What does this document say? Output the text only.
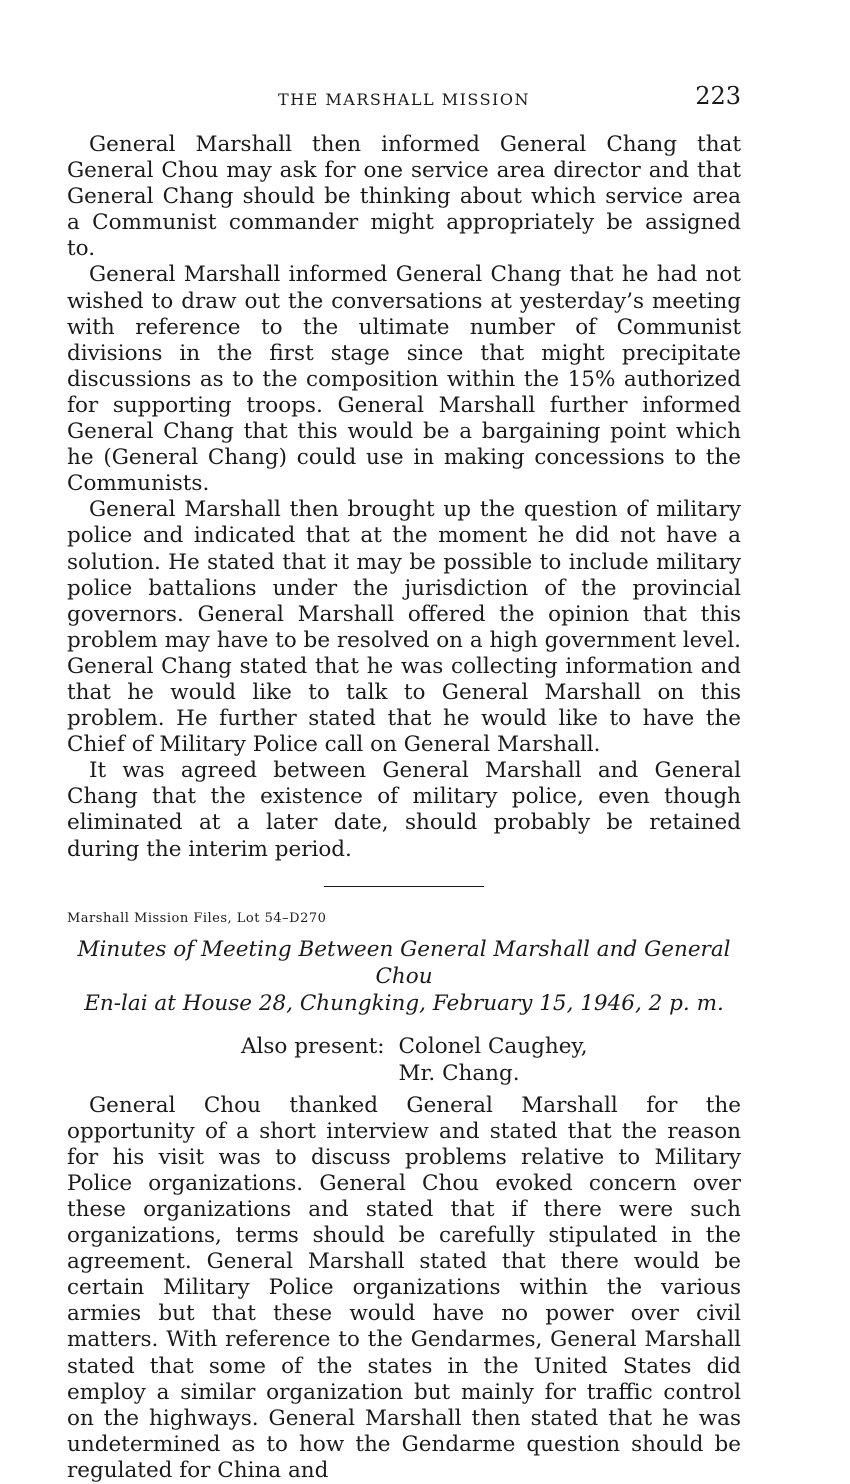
THE MARSHALL MISSION	223

General Marshall then informed General Chang that General Chou may ask for one service area director and that General Chang should be thinking about which service area a Communist commander might appropriately be assigned to.

General Marshall informed General Chang that he had not wished to draw out the conversations at yesterday’s meeting with reference to the ultimate number of Communist divisions in the first stage since that might precipitate discussions as to the composition within the 15% authorized for supporting troops. General Marshall further informed General Chang that this would be a bargaining point which he (General Chang) could use in making concessions to the Communists.

General Marshall then brought up the question of military police and indicated that at the moment he did not have a solution. He stated that it may be possible to include military police battalions under the jurisdiction of the provincial governors. General Marshall offered the opinion that this problem may have to be resolved on a high government level. General Chang stated that he was collecting information and that he would like to talk to General Marshall on this problem. He further stated that he would like to have the Chief of Military Police call on General Marshall.

It was agreed between General Marshall and General Chang that the existence of military police, even though eliminated at a later date, should probably be retained during the interim period.

Marshall Mission Files, Lot 54–D270
Minutes of Meeting Between General Marshall and General Chou
En-lai at House 28, Chungking, February 15, 1946, 2 p. m.
Also present: Colonel Caughey,
Mr. Chang.

General Chou thanked General Marshall for the opportunity of a short interview and stated that the reason for his visit was to discuss problems relative to Military Police organizations. General Chou evoked concern over these organizations and stated that if there were such organizations, terms should be carefully stipulated in the agreement. General Marshall stated that there would be certain Military Police organizations within the various armies but that these would have no power over civil matters. With reference to the Gendarmes, General Marshall stated that some of the states in the United States did employ a similar organization but mainly for traffic control on the highways. General Marshall then stated that he was undetermined as to how the Gendarme question should be regulated for China and
